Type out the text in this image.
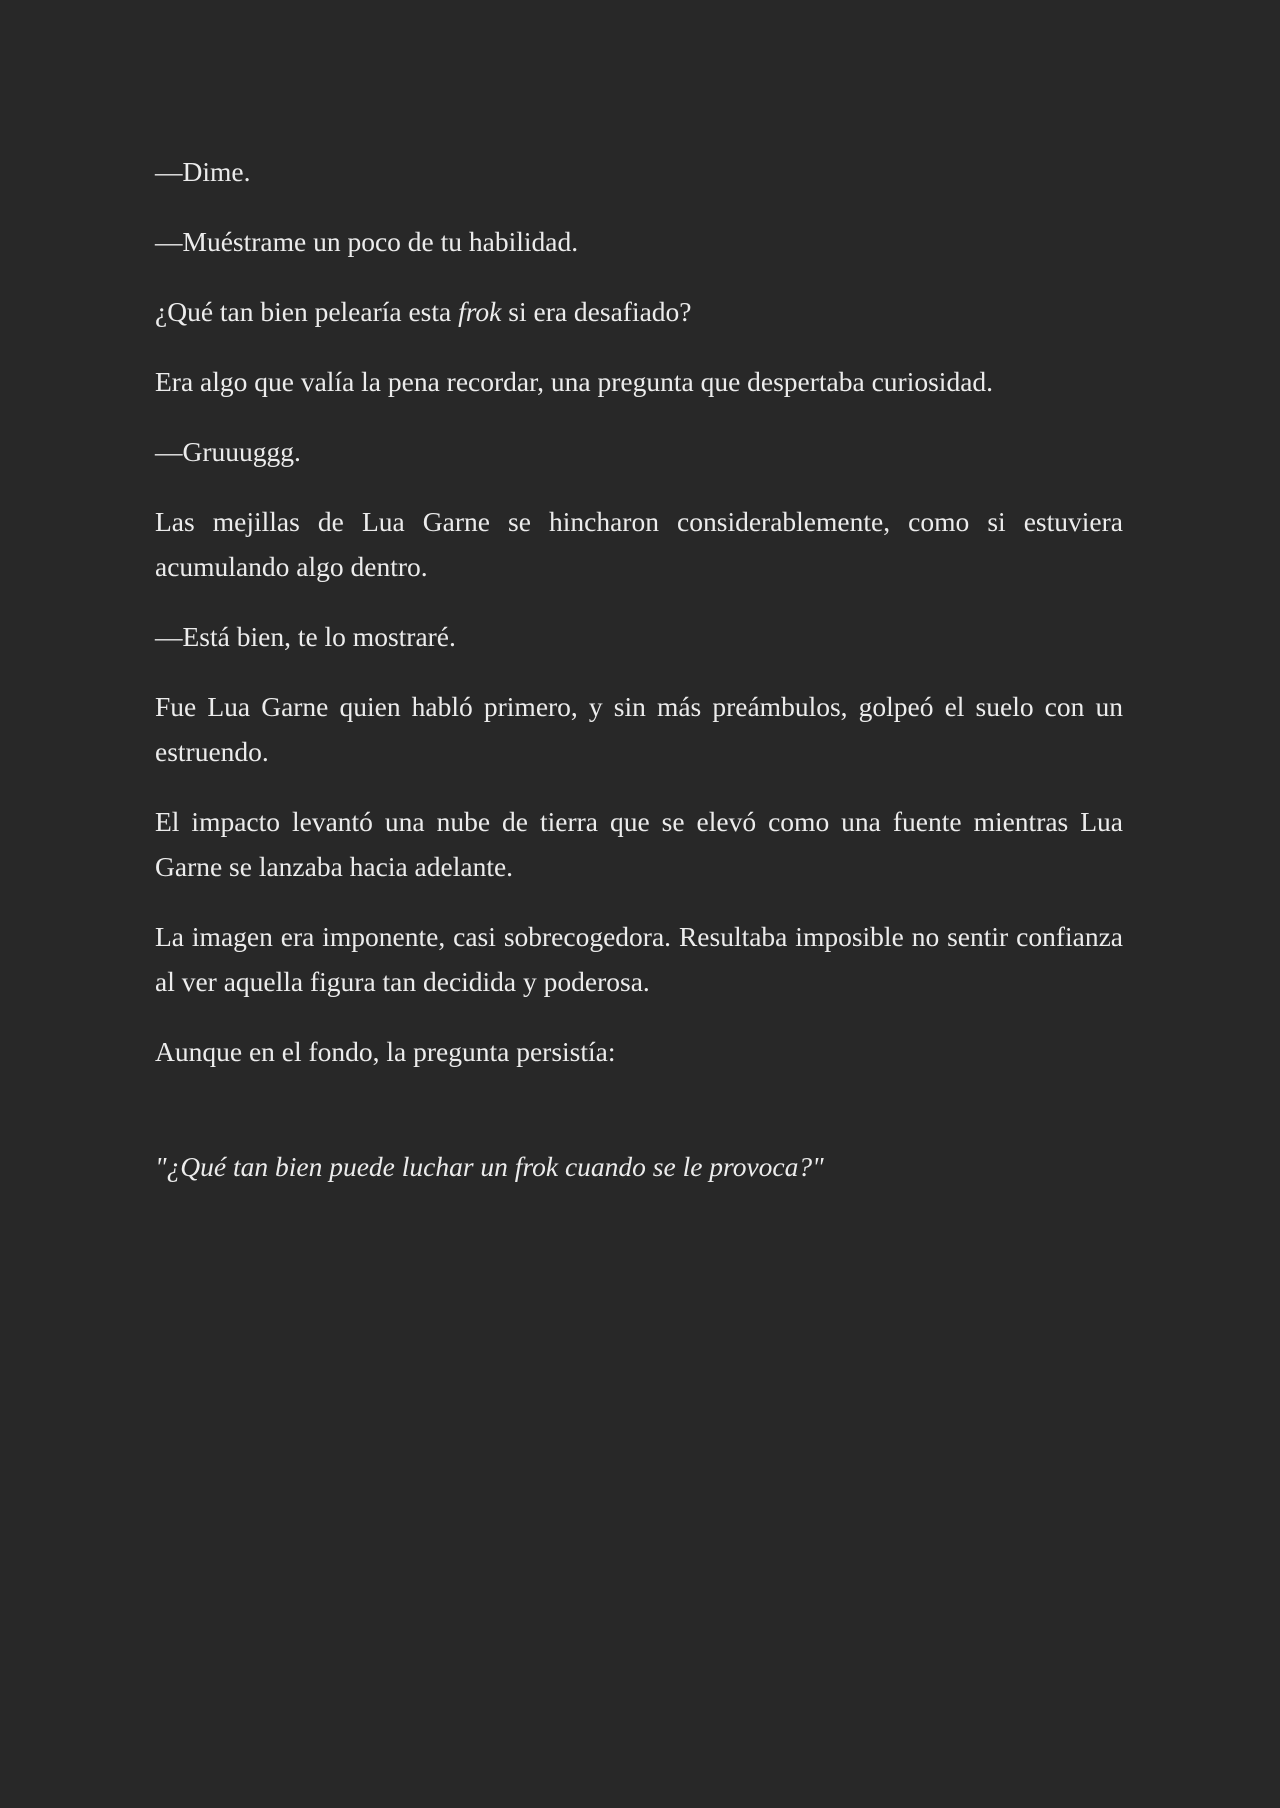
—Dime.

—Muéstrame un poco de tu habilidad.

¿Qué tan bien pelearía esta frok si era desafiado?

Era algo que valía la pena recordar, una pregunta que despertaba curiosidad.

—Gruuuggg.

Las mejillas de Lua Garne se hincharon considerablemente, como si estuviera acumulando algo dentro.

—Está bien, te lo mostraré.

Fue Lua Garne quien habló primero, y sin más preámbulos, golpeó el suelo con un estruendo.

El impacto levantó una nube de tierra que se elevó como una fuente mientras Lua Garne se lanzaba hacia adelante.

La imagen era imponente, casi sobrecogedora. Resultaba imposible no sentir confianza al ver aquella figura tan decidida y poderosa.

Aunque en el fondo, la pregunta persistía:

"¿Qué tan bien puede luchar un frok cuando se le provoca?"
